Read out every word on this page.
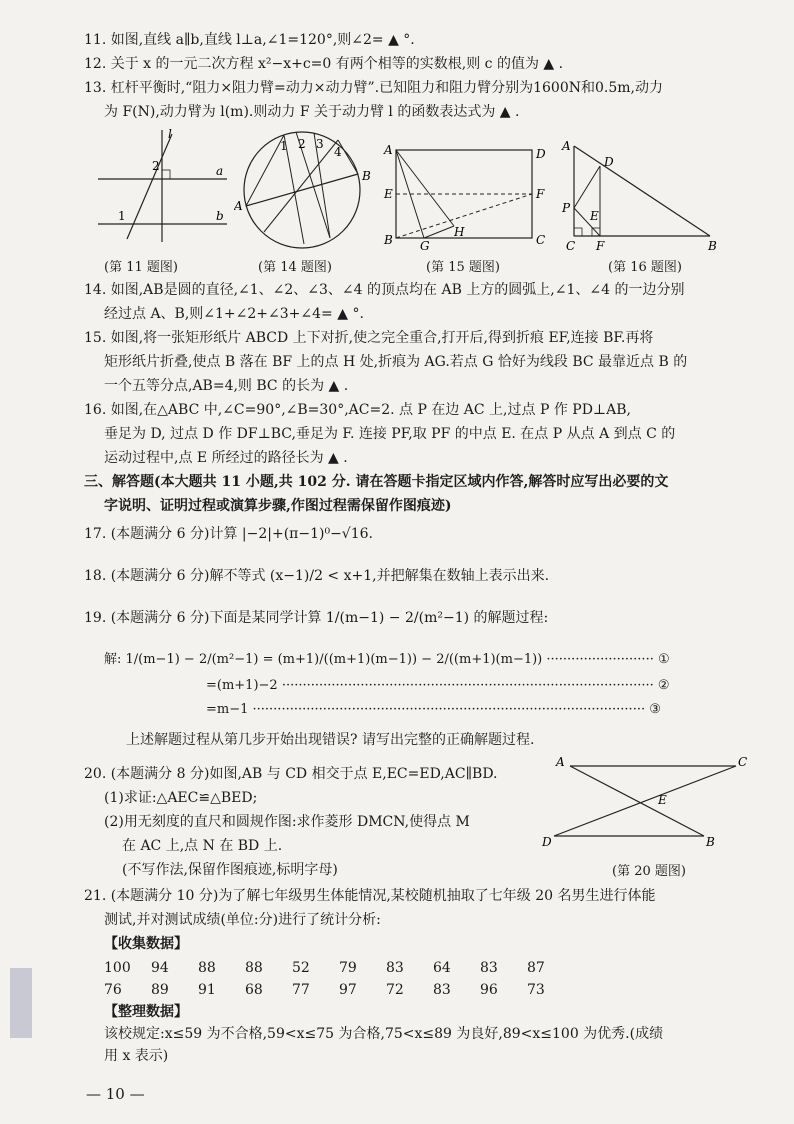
11. 如图,直线 a∥b,直线 l⊥a,∠1=120°,则∠2= ▲ °.
12. 关于 x 的一元二次方程 x²−x+c=0 有两个相等的实数根,则 c 的值为 ▲ .
13. 杠杆平衡时,“阻力×阻力臂=动力×动力臂”.已知阻力和阻力臂分别为1600N和0.5m,动力
为 F(N),动力臂为 l(m).则动力 F 关于动力臂 l 的函数表达式为 ▲ .
l
a
b
1
2
A
B
1 2 3
4	A	D
E	F
B	C
G
H
A
D
P
E
C F	B
(第 11 题图)	(第 14 题图)	(第 15 题图)	(第 16 题图)
14. 如图,AB是圆的直径,∠1、∠2、∠3、∠4 的顶点均在 AB 上方的圆弧上,∠1、∠4 的一边分别
经过点 A、B,则∠1+∠2+∠3+∠4= ▲ °.
15. 如图,将一张矩形纸片 ABCD 上下对折,使之完全重合,打开后,得到折痕 EF,连接 BF.再将
矩形纸片折叠,使点 B 落在 BF 上的点 H 处,折痕为 AG.若点 G 恰好为线段 BC 最靠近点 B 的
一个五等分点,AB=4,则 BC 的长为 ▲ .
16. 如图,在△ABC 中,∠C=90°,∠B=30°,AC=2. 点 P 在边 AC 上,过点 P 作 PD⊥AB,
垂足为 D, 过点 D 作 DF⊥BC,垂足为 F. 连接 PF,取 PF 的中点 E. 在点 P 从点 A 到点 C 的
运动过程中,点 E 所经过的路径长为 ▲ .
三、解答题(本大题共 11 小题,共 102 分. 请在答题卡指定区域内作答,解答时应写出必要的文
字说明、证明过程或演算步骤,作图过程需保留作图痕迹)
17. (本题满分 6 分)计算 |−2|+(π−1)⁰−√16.
18. (本题满分 6 分)解不等式 (x−1)/2 < x+1,并把解集在数轴上表示出来.
19. (本题满分 6 分)下面是某同学计算 1/(m−1) − 2/(m²−1) 的解题过程:
解: 1/(m−1) − 2/(m²−1) = (m+1)/((m+1)(m−1)) − 2/((m+1)(m−1)) ·························· ①
=(m+1)−2 ·························································································· ②
=m−1 ······························································································· ③
上述解题过程从第几步开始出现错误? 请写出完整的正确解题过程.
20. (本题满分 8 分)如图,AB 与 CD 相交于点 E,EC=ED,AC∥BD.
(1)求证:△AEC≌△BED;
(2)用无刻度的直尺和圆规作图:求作菱形 DMCN,使得点 M
在 AC 上,点 N 在 BD 上.
(不写作法,保留作图痕迹,标明字母)
A	C
E
D	B
(第 20 题图)
21. (本题满分 10 分)为了解七年级男生体能情况,某校随机抽取了七年级 20 名男生进行体能
测试,并对测试成绩(单位:分)进行了统计分析:
【收集数据】
100 94 88 88 52 79 83 64 83 87
76 89 91 68 77 97 72 83 96 73
【整理数据】
该校规定:x≤59 为不合格,59<x≤75 为合格,75<x≤89 为良好,89<x≤100 为优秀.(成绩
用 x 表示)
— 10 —
